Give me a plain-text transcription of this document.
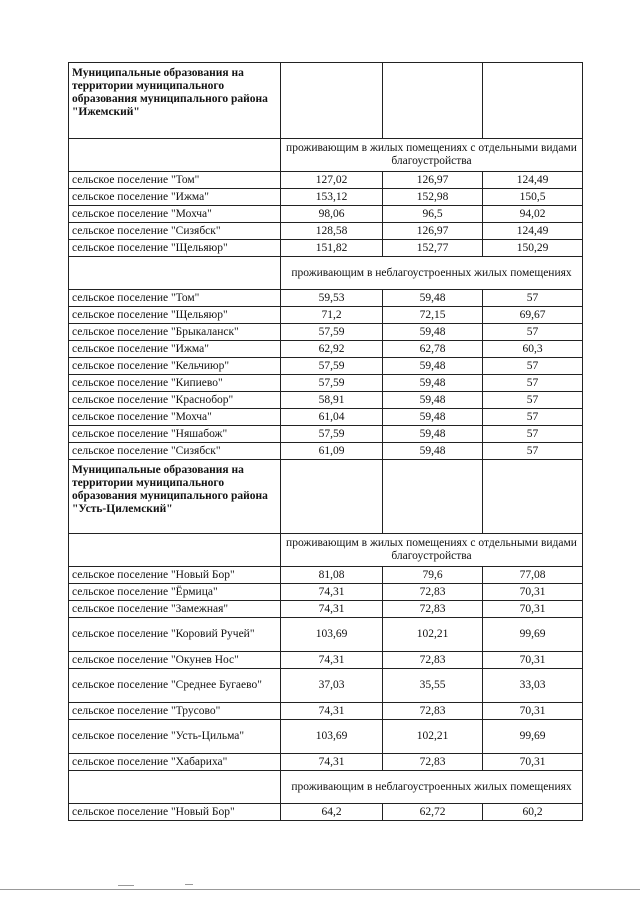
Муниципальные образования на территории муниципального образования муниципального района "Ижемский"			
	проживающим в жилых помещениях с отдельными видами благоустройства		
сельское поселение "Том"	127,02	126,97	124,49
сельское поселение "Ижма"	153,12	152,98	150,5
сельское поселение "Мохча"	98,06	96,5	94,02
сельское поселение "Сизябск"	128,58	126,97	124,49
сельское поселение "Щельяюр"	151,82	152,77	150,29
	проживающим в неблагоустроенных жилых помещениях		
сельское поселение "Том"	59,53	59,48	57
сельское поселение "Щельяюр"	71,2	72,15	69,67
сельское поселение "Брыкаланск"	57,59	59,48	57
сельское поселение "Ижма"	62,92	62,78	60,3
сельское поселение "Кельчиюр"	57,59	59,48	57
сельское поселение "Кипиево"	57,59	59,48	57
сельское поселение "Краснобор"	58,91	59,48	57
сельское поселение "Мохча"	61,04	59,48	57
сельское поселение "Няшабож"	57,59	59,48	57
сельское поселение "Сизябск"	61,09	59,48	57
Муниципальные образования на территории муниципального образования муниципального района "Усть-Цилемский"			
	проживающим в жилых помещениях с отдельными видами благоустройства		
сельское поселение "Новый Бор"	81,08	79,6	77,08
сельское поселение "Ёрмица"	74,31	72,83	70,31
сельское поселение "Замежная"	74,31	72,83	70,31
сельское поселение "Коровий Ручей"	103,69	102,21	99,69
сельское поселение "Окунев Нос"	74,31	72,83	70,31
сельское поселение "Среднее Бугаево"	37,03	35,55	33,03
сельское поселение "Трусово"	74,31	72,83	70,31
сельское поселение "Усть-Цильма"	103,69	102,21	99,69
сельское поселение "Хабариха"	74,31	72,83	70,31
	проживающим в неблагоустроенных жилых помещениях		
сельское поселение "Новый Бор"	64,2	62,72	60,2
